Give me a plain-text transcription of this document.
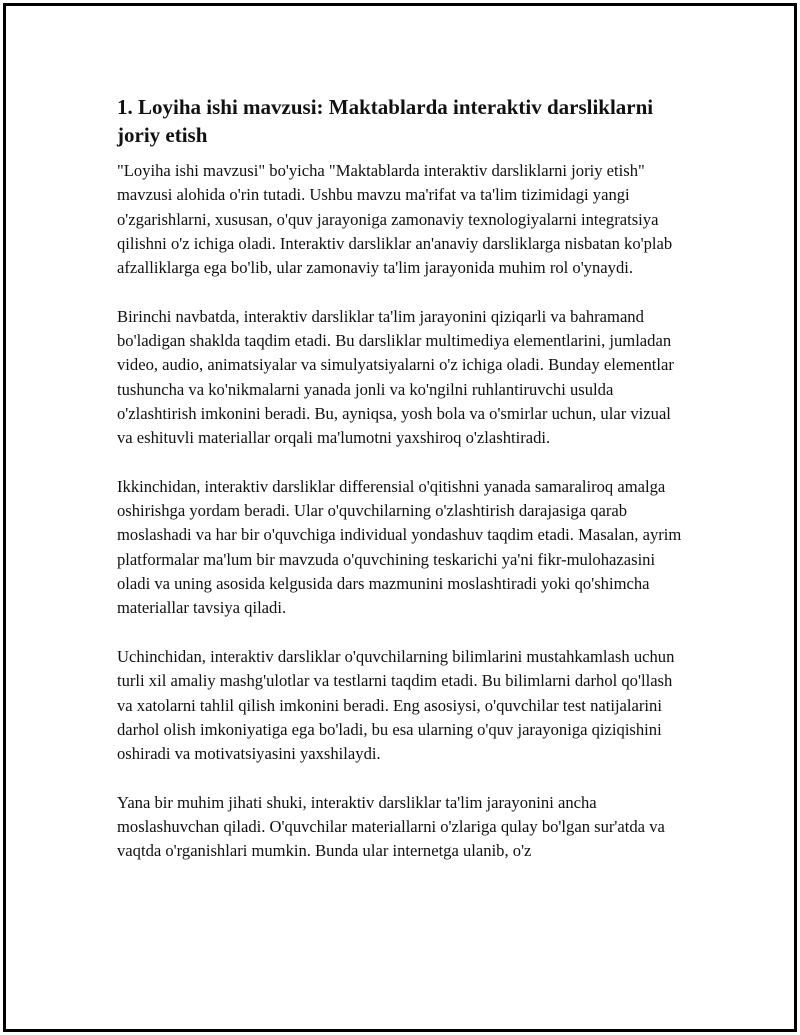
1. Loyiha ishi mavzusi: Maktablarda interaktiv darsliklarni joriy etish

"Loyiha ishi mavzusi" bo'yicha "Maktablarda interaktiv darsliklarni joriy etish" mavzusi alohida o'rin tutadi. Ushbu mavzu ma'rifat va ta'lim tizimidagi yangi o'zgarishlarni, xususan, o'quv jarayoniga zamonaviy texnologiyalarni integratsiya qilishni o'z ichiga oladi. Interaktiv darsliklar an'anaviy darsliklarga nisbatan ko'plab afzalliklarga ega bo'lib, ular zamonaviy ta'lim jarayonida muhim rol o'ynaydi.

Birinchi navbatda, interaktiv darsliklar ta'lim jarayonini qiziqarli va bahramand bo'ladigan shaklda taqdim etadi. Bu darsliklar multimediya elementlarini, jumladan video, audio, animatsiyalar va simulyatsiyalarni o'z ichiga oladi. Bunday elementlar tushuncha va ko'nikmalarni yanada jonli va ko'ngilni ruhlantiruvchi usulda o'zlashtirish imkonini beradi. Bu, ayniqsa, yosh bola va o'smirlar uchun, ular vizual va eshituvli materiallar orqali ma'lumotni yaxshiroq o'zlashtiradi.

Ikkinchidan, interaktiv darsliklar differensial o'qitishni yanada samaraliroq amalga oshirishga yordam beradi. Ular o'quvchilarning o'zlashtirish darajasiga qarab moslashadi va har bir o'quvchiga individual yondashuv taqdim etadi. Masalan, ayrim platformalar ma'lum bir mavzuda o'quvchining teskarichi ya'ni fikr-mulohazasini oladi va uning asosida kelgusida dars mazmunini moslashtiradi yoki qo'shimcha materiallar tavsiya qiladi.

Uchinchidan, interaktiv darsliklar o'quvchilarning bilimlarini mustahkamlash uchun turli xil amaliy mashg'ulotlar va testlarni taqdim etadi. Bu bilimlarni darhol qo'llash va xatolarni tahlil qilish imkonini beradi. Eng asosiysi, o'quvchilar test natijalarini darhol olish imkoniyatiga ega bo'ladi, bu esa ularning o'quv jarayoniga qiziqishini oshiradi va motivatsiyasini yaxshilaydi.

Yana bir muhim jihati shuki, interaktiv darsliklar ta'lim jarayonini ancha moslashuvchan qiladi. O'quvchilar materiallarni o'zlariga qulay bo'lgan sur'atda va vaqtda o'rganishlari mumkin. Bunda ular internetga ulanib, o'z
